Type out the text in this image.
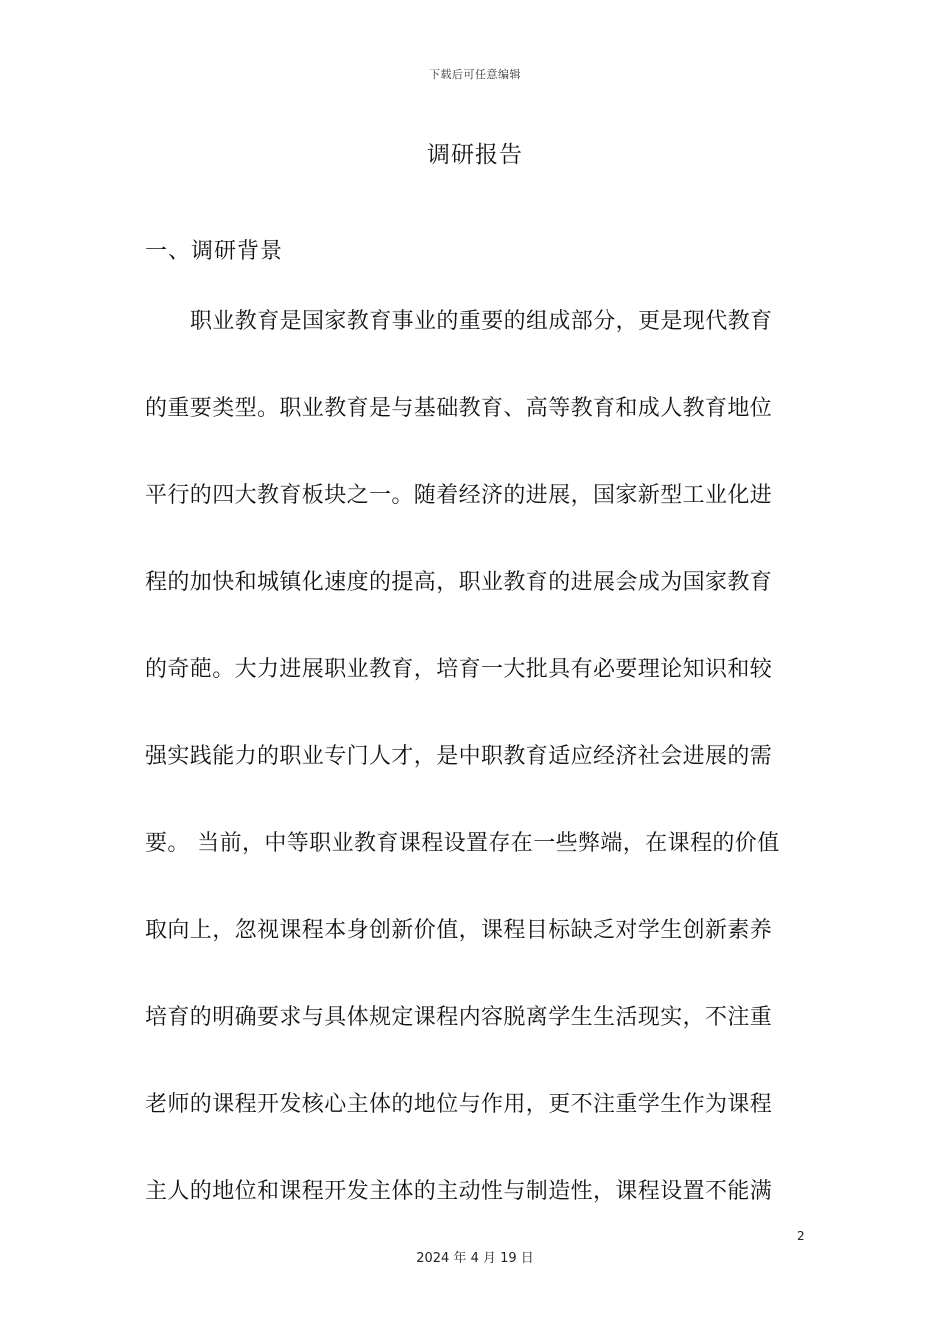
下载后可任意编辑
调研报告
一、调研背景
职业教育是国家教育事业的重要的组成部分，更是现代教育
的重要类型。职业教育是与基础教育、高等教育和成人教育地位
平行的四大教育板块之一。随着经济的进展，国家新型工业化进
程的加快和城镇化速度的提高，职业教育的进展会成为国家教育
的奇葩。大力进展职业教育，培育一大批具有必要理论知识和较
强实践能力的职业专门人才，是中职教育适应经济社会进展的需
要。 当前，中等职业教育课程设置存在一些弊端，在课程的价值
取向上，忽视课程本身创新价值，课程目标缺乏对学生创新素养
培育的明确要求与具体规定课程内容脱离学生生活现实，不注重
老师的课程开发核心主体的地位与作用，更不注重学生作为课程
主人的地位和课程开发主体的主动性与制造性，课程设置不能满
2
2024 年 4 月 19 日
